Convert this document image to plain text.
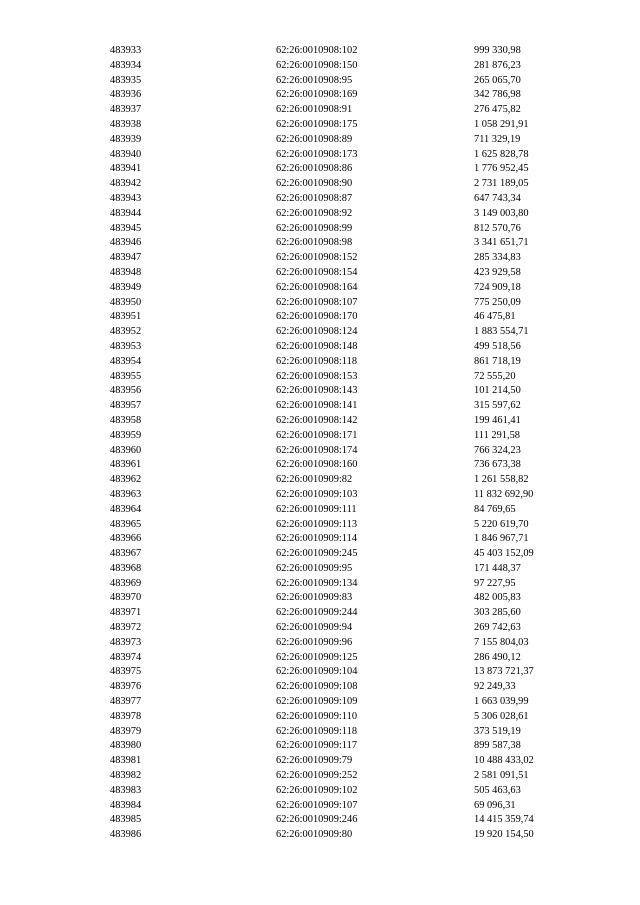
483933	62:26:0010908:102	999 330,98
483934	62:26:0010908:150	281 876,23
483935	62:26:0010908:95	265 065,70
483936	62:26:0010908:169	342 786,98
483937	62:26:0010908:91	276 475,82
483938	62:26:0010908:175	1 058 291,91
483939	62:26:0010908:89	711 329,19
483940	62:26:0010908:173	1 625 828,78
483941	62:26:0010908:86	1 776 952,45
483942	62:26:0010908:90	2 731 189,05
483943	62:26:0010908:87	647 743,34
483944	62:26:0010908:92	3 149 003,80
483945	62:26:0010908:99	812 570,76
483946	62:26:0010908:98	3 341 651,71
483947	62:26:0010908:152	285 334,83
483948	62:26:0010908:154	423 929,58
483949	62:26:0010908:164	724 909,18
483950	62:26:0010908:107	775 250,09
483951	62:26:0010908:170	46 475,81
483952	62:26:0010908:124	1 883 554,71
483953	62:26:0010908:148	499 518,56
483954	62:26:0010908:118	861 718,19
483955	62:26:0010908:153	72 555,20
483956	62:26:0010908:143	101 214,50
483957	62:26:0010908:141	315 597,62
483958	62:26:0010908:142	199 461,41
483959	62:26:0010908:171	111 291,58
483960	62:26:0010908:174	766 324,23
483961	62:26:0010908:160	736 673,38
483962	62:26:0010909:82	1 261 558,82
483963	62:26:0010909:103	11 832 692,90
483964	62:26:0010909:111	84 769,65
483965	62:26:0010909:113	5 220 619,70
483966	62:26:0010909:114	1 846 967,71
483967	62:26:0010909:245	45 403 152,09
483968	62:26:0010909:95	171 448,37
483969	62:26:0010909:134	97 227,95
483970	62:26:0010909:83	482 005,83
483971	62:26:0010909:244	303 285,60
483972	62:26:0010909:94	269 742,63
483973	62:26:0010909:96	7 155 804,03
483974	62:26:0010909:125	286 490,12
483975	62:26:0010909:104	13 873 721,37
483976	62:26:0010909:108	92 249,33
483977	62:26:0010909:109	1 663 039,99
483978	62:26:0010909:110	5 306 028,61
483979	62:26:0010909:118	373 519,19
483980	62:26:0010909:117	899 587,38
483981	62:26:0010909:79	10 488 433,02
483982	62:26:0010909:252	2 581 091,51
483983	62:26:0010909:102	505 463,63
483984	62:26:0010909:107	69 096,31
483985	62:26:0010909:246	14 415 359,74
483986	62:26:0010909:80	19 920 154,50
